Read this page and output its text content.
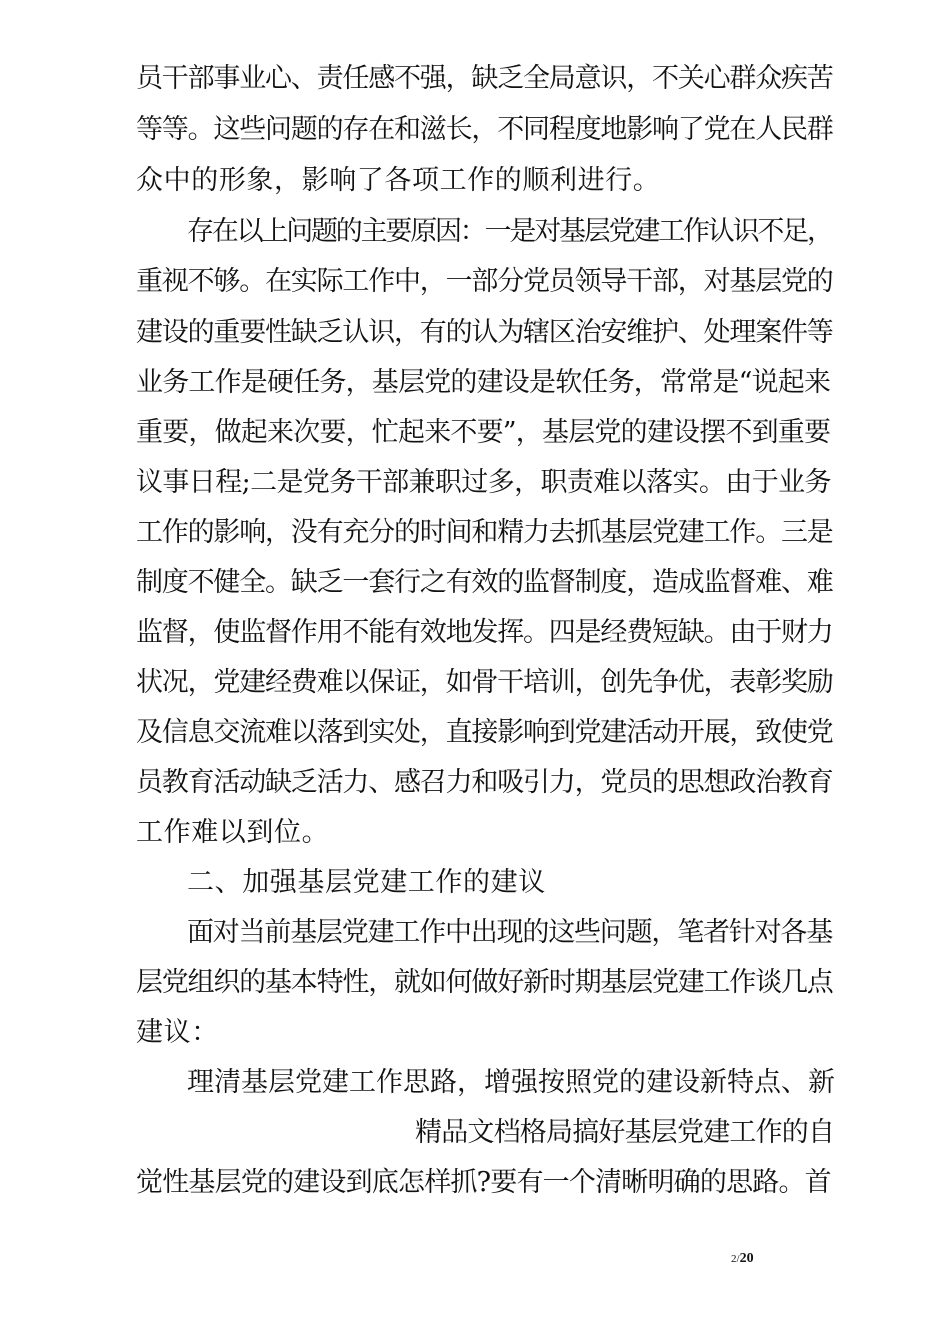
员干部事业心、责任感不强，缺乏全局意识，不关心群众疾苦
等等。这些问题的存在和滋长，不同程度地影响了党在人民群
众中的形象，影响了各项工作的顺利进行。
存在以上问题的主要原因：一是对基层党建工作认识不足，
重视不够。在实际工作中，一部分党员领导干部，对基层党的
建设的重要性缺乏认识，有的认为辖区治安维护、处理案件等
业务工作是硬任务，基层党的建设是软任务，常常是“说起来
重要，做起来次要，忙起来不要”，基层党的建设摆不到重要
议事日程;二是党务干部兼职过多，职责难以落实。由于业务
工作的影响，没有充分的时间和精力去抓基层党建工作。三是
制度不健全。缺乏一套行之有效的监督制度，造成监督难、难
监督，使监督作用不能有效地发挥。四是经费短缺。由于财力
状况，党建经费难以保证，如骨干培训，创先争优，表彰奖励
及信息交流难以落到实处，直接影响到党建活动开展，致使党
员教育活动缺乏活力、感召力和吸引力，党员的思想政治教育
工作难以到位。
二、加强基层党建工作的建议
面对当前基层党建工作中出现的这些问题，笔者针对各基
层党组织的基本特性，就如何做好新时期基层党建工作谈几点
建议：
理清基层党建工作思路，增强按照党的建设新特点、新
精品文档格局搞好基层党建工作的自
觉性基层党的建设到底怎样抓?要有一个清晰明确的思路。首
2/20
